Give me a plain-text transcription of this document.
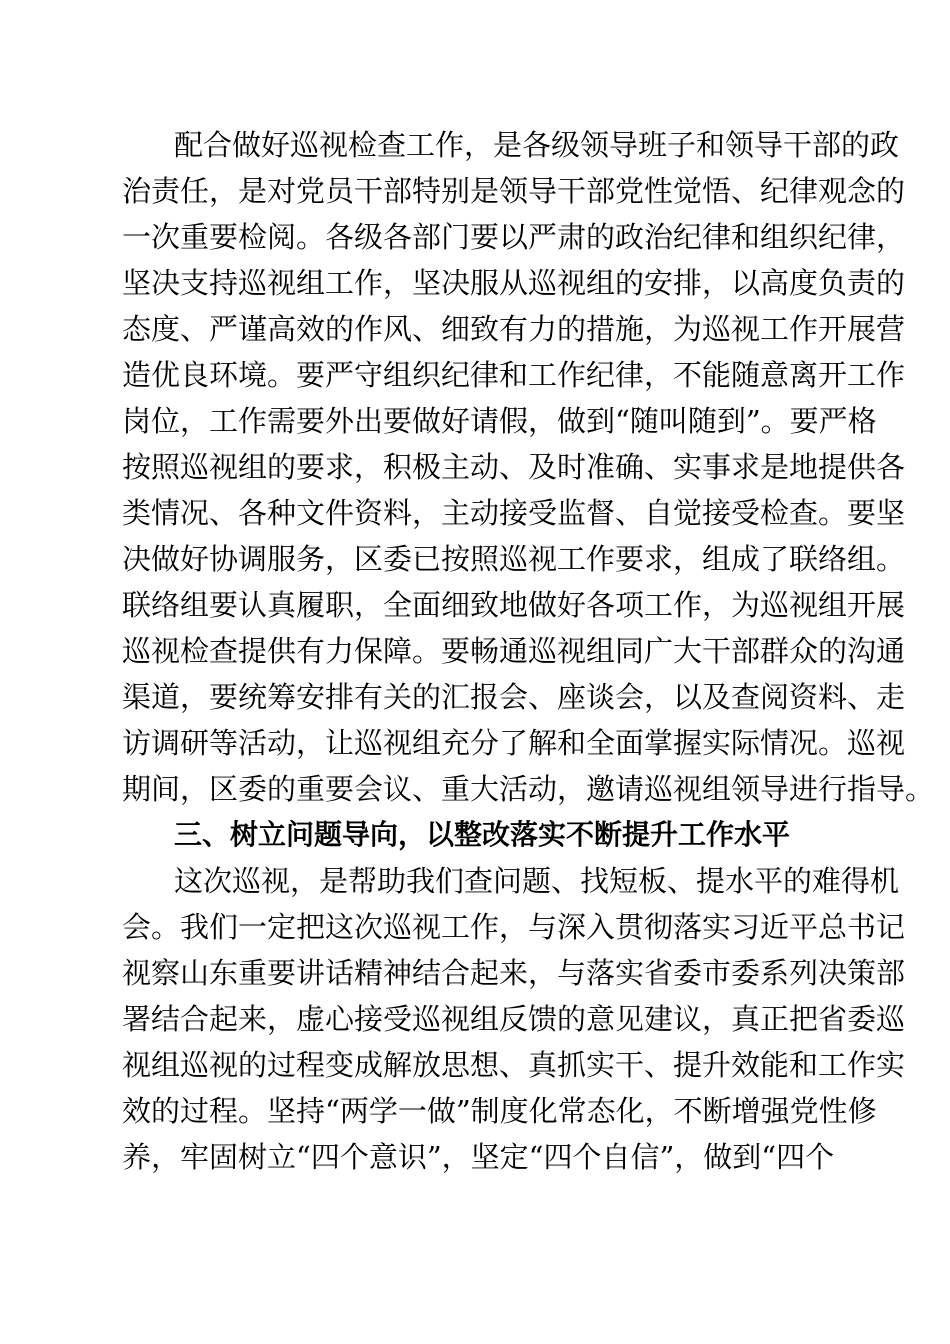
配合做好巡视检查工作，是各级领导班子和领导干部的政
治责任，是对党员干部特别是领导干部党性觉悟、纪律观念的
一次重要检阅。各级各部门要以严肃的政治纪律和组织纪律，
坚决支持巡视组工作，坚决服从巡视组的安排，以高度负责的
态度、严谨高效的作风、细致有力的措施，为巡视工作开展营
造优良环境。要严守组织纪律和工作纪律，不能随意离开工作
岗位，工作需要外出要做好请假，做到“随叫随到”。要严格
按照巡视组的要求，积极主动、及时准确、实事求是地提供各
类情况、各种文件资料，主动接受监督、自觉接受检查。要坚
决做好协调服务，区委已按照巡视工作要求，组成了联络组。
联络组要认真履职，全面细致地做好各项工作，为巡视组开展
巡视检查提供有力保障。要畅通巡视组同广大干部群众的沟通
渠道，要统筹安排有关的汇报会、座谈会，以及查阅资料、走
访调研等活动，让巡视组充分了解和全面掌握实际情况。巡视
期间，区委的重要会议、重大活动，邀请巡视组领导进行指导。
三、树立问题导向，以整改落实不断提升工作水平
这次巡视，是帮助我们查问题、找短板、提水平的难得机
会。我们一定把这次巡视工作，与深入贯彻落实习近平总书记
视察山东重要讲话精神结合起来，与落实省委市委系列决策部
署结合起来，虚心接受巡视组反馈的意见建议，真正把省委巡
视组巡视的过程变成解放思想、真抓实干、提升效能和工作实
效的过程。坚持“两学一做”制度化常态化，不断增强党性修
养，牢固树立“四个意识”，坚定“四个自信”，做到“四个
